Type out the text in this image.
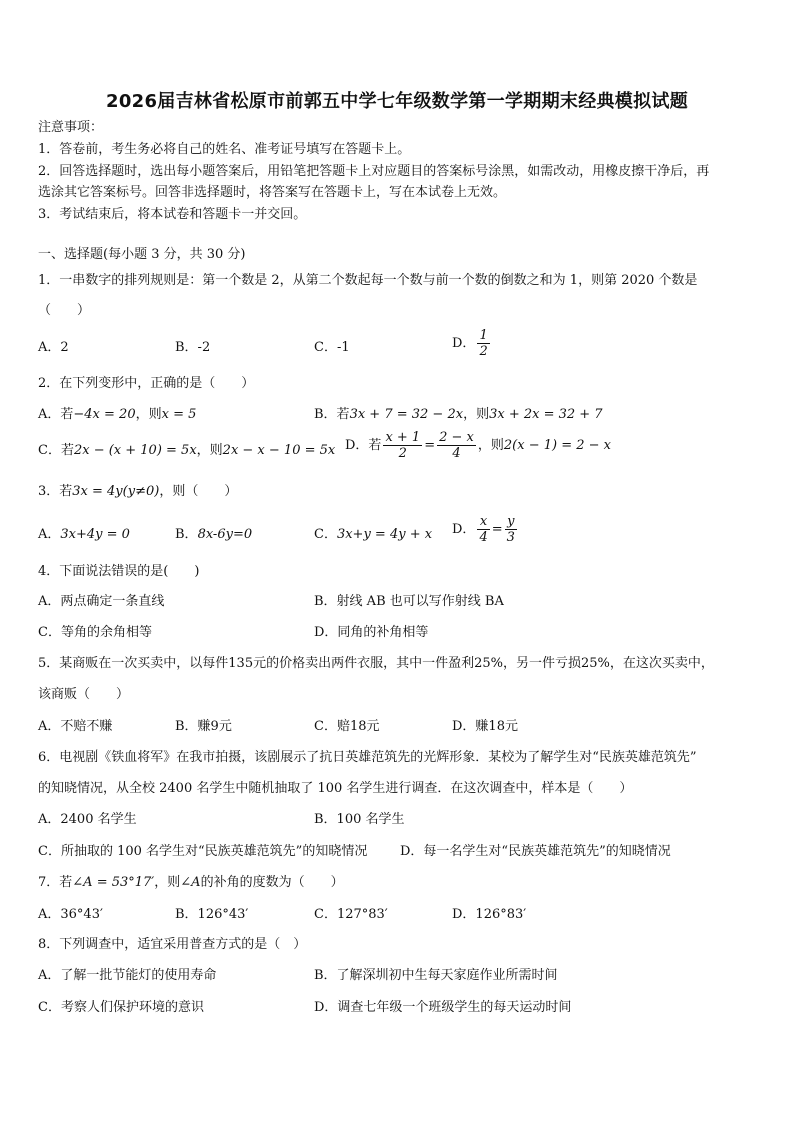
2026届吉林省松原市前郭五中学七年级数学第一学期期末经典模拟试题
注意事项：
1．答卷前，考生务必将自己的姓名、准考证号填写在答题卡上。
2．回答选择题时，选出每小题答案后，用铅笔把答题卡上对应题目的答案标号涂黑，如需改动，用橡皮擦干净后，再
选涂其它答案标号。回答非选择题时，将答案写在答题卡上，写在本试卷上无效。
3．考试结束后，将本试卷和答题卡一并交回。
一、选择题(每小题 3 分，共 30 分)
1．一串数字的排列规则是：第一个数是 2，从第二个数起每一个数与前一个数的倒数之和为 1，则第 2020 个数是
（　　）
A．2	B．-2	C．-1	D． $\frac{1}{2}$
2．在下列变形中，正确的是（　　）
A．若−4x = 20，则x = 5	B．若3x + 7 = 32 − 2x，则3x + 2x = 32 + 7
C．若2x − (x + 10) = 5x，则2x − x − 10 = 5x D．若 $\frac{x + 1}{2} = \frac{2 - x}{4}$ ，则2(x − 1) = 2 − x
3．若3x = 4y(y≠0)，则（　　）
A．3x+4y = 0	B．8x-6y=0	C．3x+y = 4y + x D． $\frac{x}{4} = \frac{y}{3}$
4．下面说法错误的是(　　)
A．两点确定一条直线	B．射线 AB 也可以写作射线 BA
C．等角的余角相等	D．同角的补角相等
5．某商贩在一次买卖中，以每件135元的价格卖出两件衣服，其中一件盈利25%，另一件亏损25%，在这次买卖中，
该商贩（　　）
A．不赔不赚	B．赚9元	C．赔18元	D．赚18元
6．电视剧《铁血将军》在我市拍摄，该剧展示了抗日英雄范筑先的光辉形象．某校为了解学生对“民族英雄范筑先”
的知晓情况，从全校 2400 名学生中随机抽取了 100 名学生进行调查．在这次调查中，样本是（　　）
A．2400 名学生	B．100 名学生
C．所抽取的 100 名学生对“民族英雄范筑先”的知晓情况	D．每一名学生对“民族英雄范筑先”的知晓情况
7．若∠A = 53°17′，则∠A的补角的度数为（　　）
A．36°43′	B．126°43′	C．127°83′	D．126°83′
8．下列调查中，适宜采用普查方式的是（　）
A．了解一批节能灯的使用寿命	B．了解深圳初中生每天家庭作业所需时间
C．考察人们保护环境的意识	D．调查七年级一个班级学生的每天运动时间
